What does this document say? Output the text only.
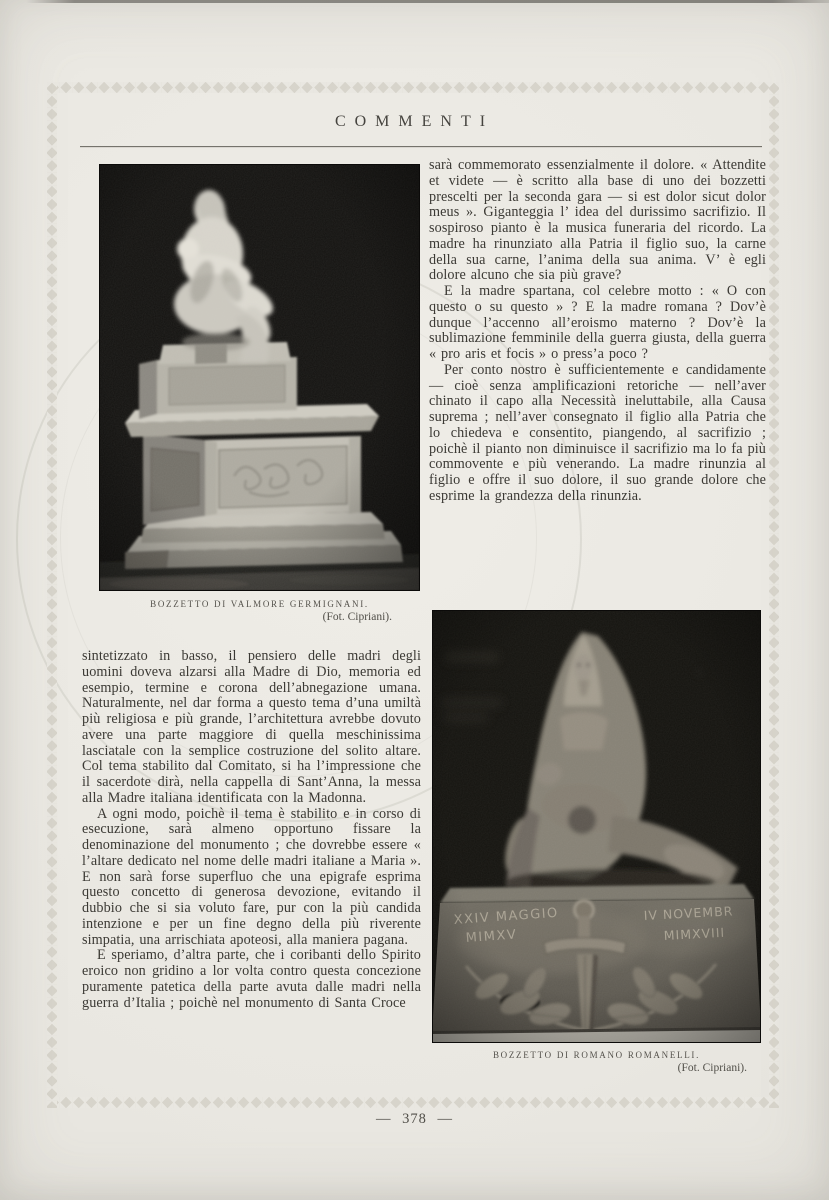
COMMENTI
BOZZETTO DI VALMORE GERMIGNANI.
(Fot. Cipriani).

sarà commemorato essenzialmente il dolore. « Attendite et videte — è scritto alla base di uno dei bozzetti prescelti per la seconda gara — si est dolor sicut dolor meus ». Giganteggia l’ idea del durissimo sacrifizio. Il sospiroso pianto è la musica funeraria del ricordo. La madre ha rinunziato alla Patria il figlio suo, la carne della sua carne, l’anima della sua anima. V’ è egli dolore alcuno che sia più grave?

E la madre spartana, col celebre motto : « O con questo o su questo » ? E la madre romana ? Dov’è dunque l’accenno all’eroismo materno ? Dov’è la sublimazione femminile della guerra giusta, della guerra « pro aris et focis » o press’a poco ?

Per conto nostro è sufficientemente e candidamente — cioè senza amplificazioni retoriche — nell’aver chinato il capo alla Necessità ineluttabile, alla Causa suprema ; nell’aver consegnato il figlio alla Patria che lo chiedeva e consentito, piangendo, al sacrifizio ; poichè il pianto non diminuisce il sacrifizio ma lo fa più commovente e più venerando. La madre rinunzia al figlio e offre il suo dolore, il suo grande dolore che esprime la grandezza della rinunzia.

sintetizzato in basso, il pensiero delle madri degli uomini doveva alzarsi alla Madre di Dio, memoria ed esempio, termine e corona dell’abnegazione umana. Naturalmente, nel dar forma a questo tema d’una umiltà più religiosa e più grande, l’architettura avrebbe dovuto avere una parte maggiore di quella meschinissima lasciatale con la semplice costruzione del solito altare. Col tema stabilito dal Comitato, si ha l’impressione che il sacerdote dirà, nella cappella di Sant’Anna, la messa alla Madre italiana identificata con la Madonna.

A ogni modo, poichè il tema è stabilito e in corso di esecuzione, sarà almeno opportuno fissare la denominazione del monumento ; che dovrebbe essere « l’altare dedicato nel nome delle madri italiane a Maria ». E non sarà forse superfluo che una epigrafe esprima questo concetto di generosa devozione, evitando il dubbio che si sia voluto fare, pur con la più candida intenzione e per un fine degno della più riverente simpatia, una arrischiata apoteosi, alla maniera pagana.

E speriamo, d’altra parte, che i coribanti dello Spirito eroico non gridino a lor volta contro questa concezione puramente patetica della parte avuta dalle madri nella guerra d’Italia ; poichè nel monumento di Santa Croce

BOZZETTO DI ROMANO ROMANELLI.
(Fot. Cipriani).
— 378 —
